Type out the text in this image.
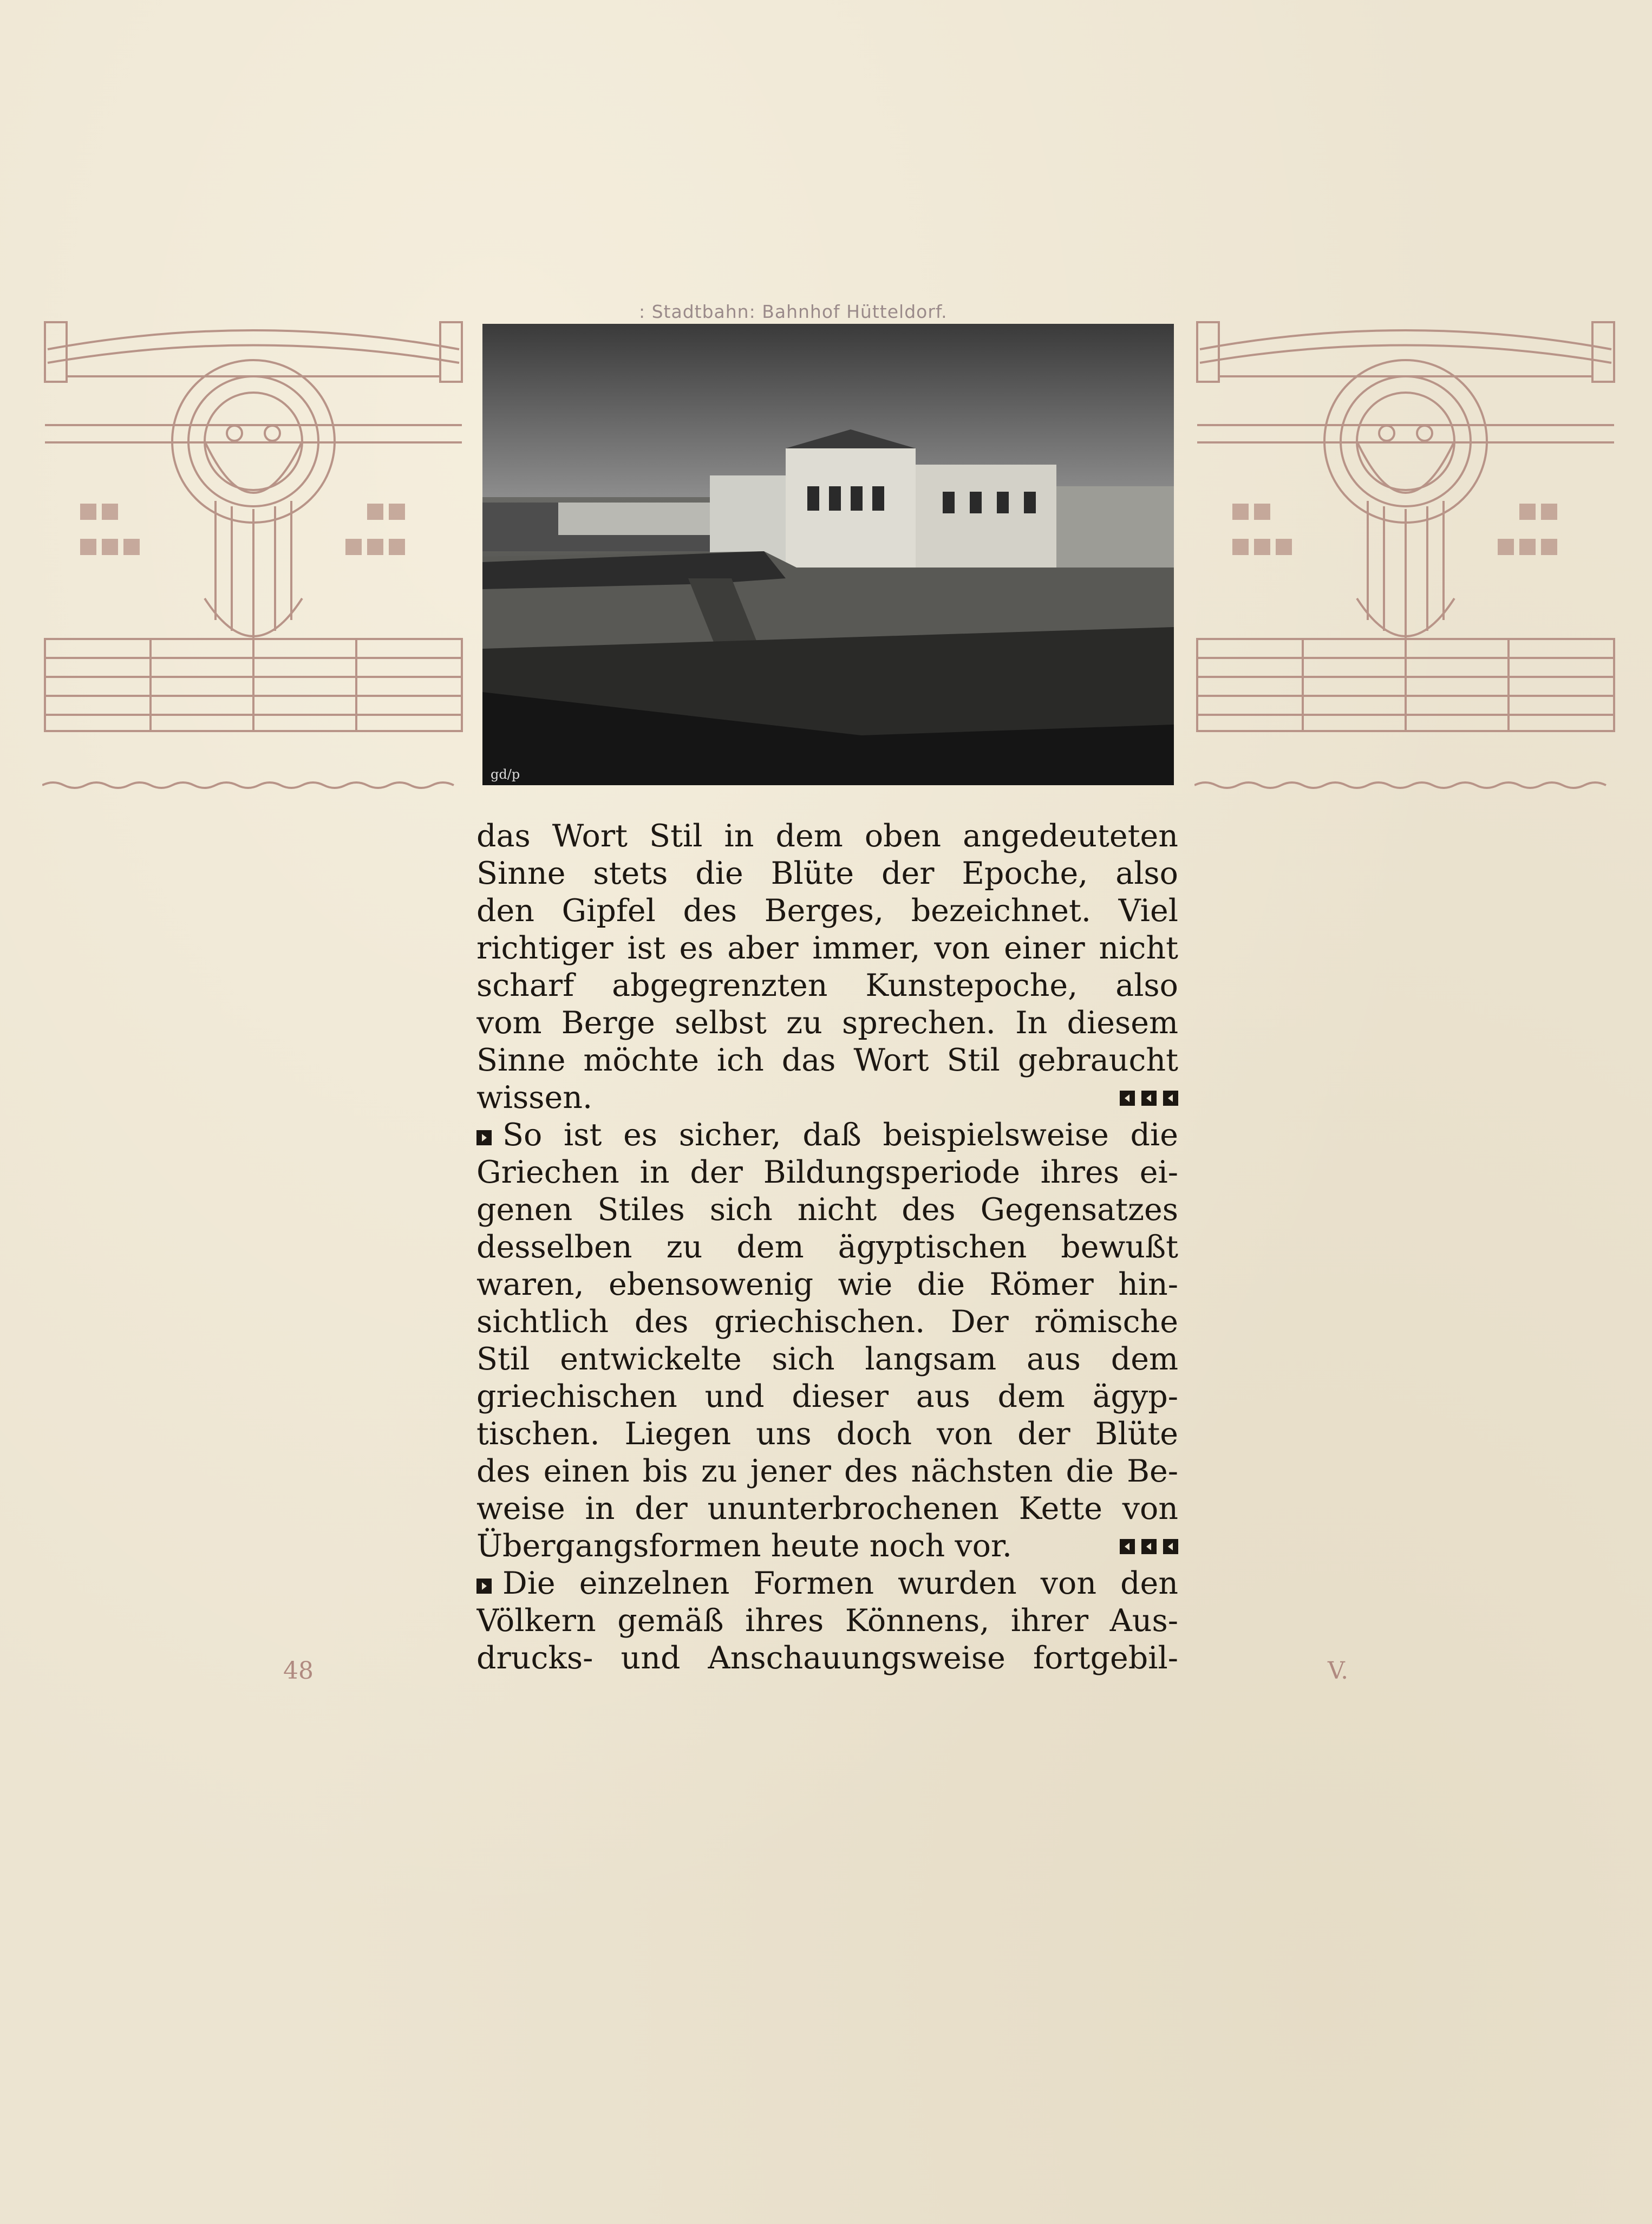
: Stadtbahn: Bahnhof Hütteldorf.
gd/p
das Wort Stil in dem oben angedeuteten
Sinne stets die Blüte der Epoche, also
den Gipfel des Berges, bezeichnet. Viel
richtiger ist es aber immer, von einer nicht
scharf abgegrenzten Kunstepoche, also
vom Berge selbst zu sprechen. In diesem
Sinne möchte ich das Wort Stil gebraucht
wissen.
So ist es sicher, daß beispielsweise die
Griechen in der Bildungsperiode ihres ei-
genen Stiles sich nicht des Gegensatzes
desselben zu dem ägyptischen bewußt
waren, ebensowenig wie die Römer hin-
sichtlich des griechischen. Der römische
Stil entwickelte sich langsam aus dem
griechischen und dieser aus dem ägyp-
tischen. Liegen uns doch von der Blüte
des einen bis zu jener des nächsten die Be-
weise in der ununterbrochenen Kette von
Übergangsformen heute noch vor.
Die einzelnen Formen wurden von den
Völkern gemäß ihres Könnens, ihrer Aus-
drucks- und Anschauungsweise fortgebil-
48	V.
